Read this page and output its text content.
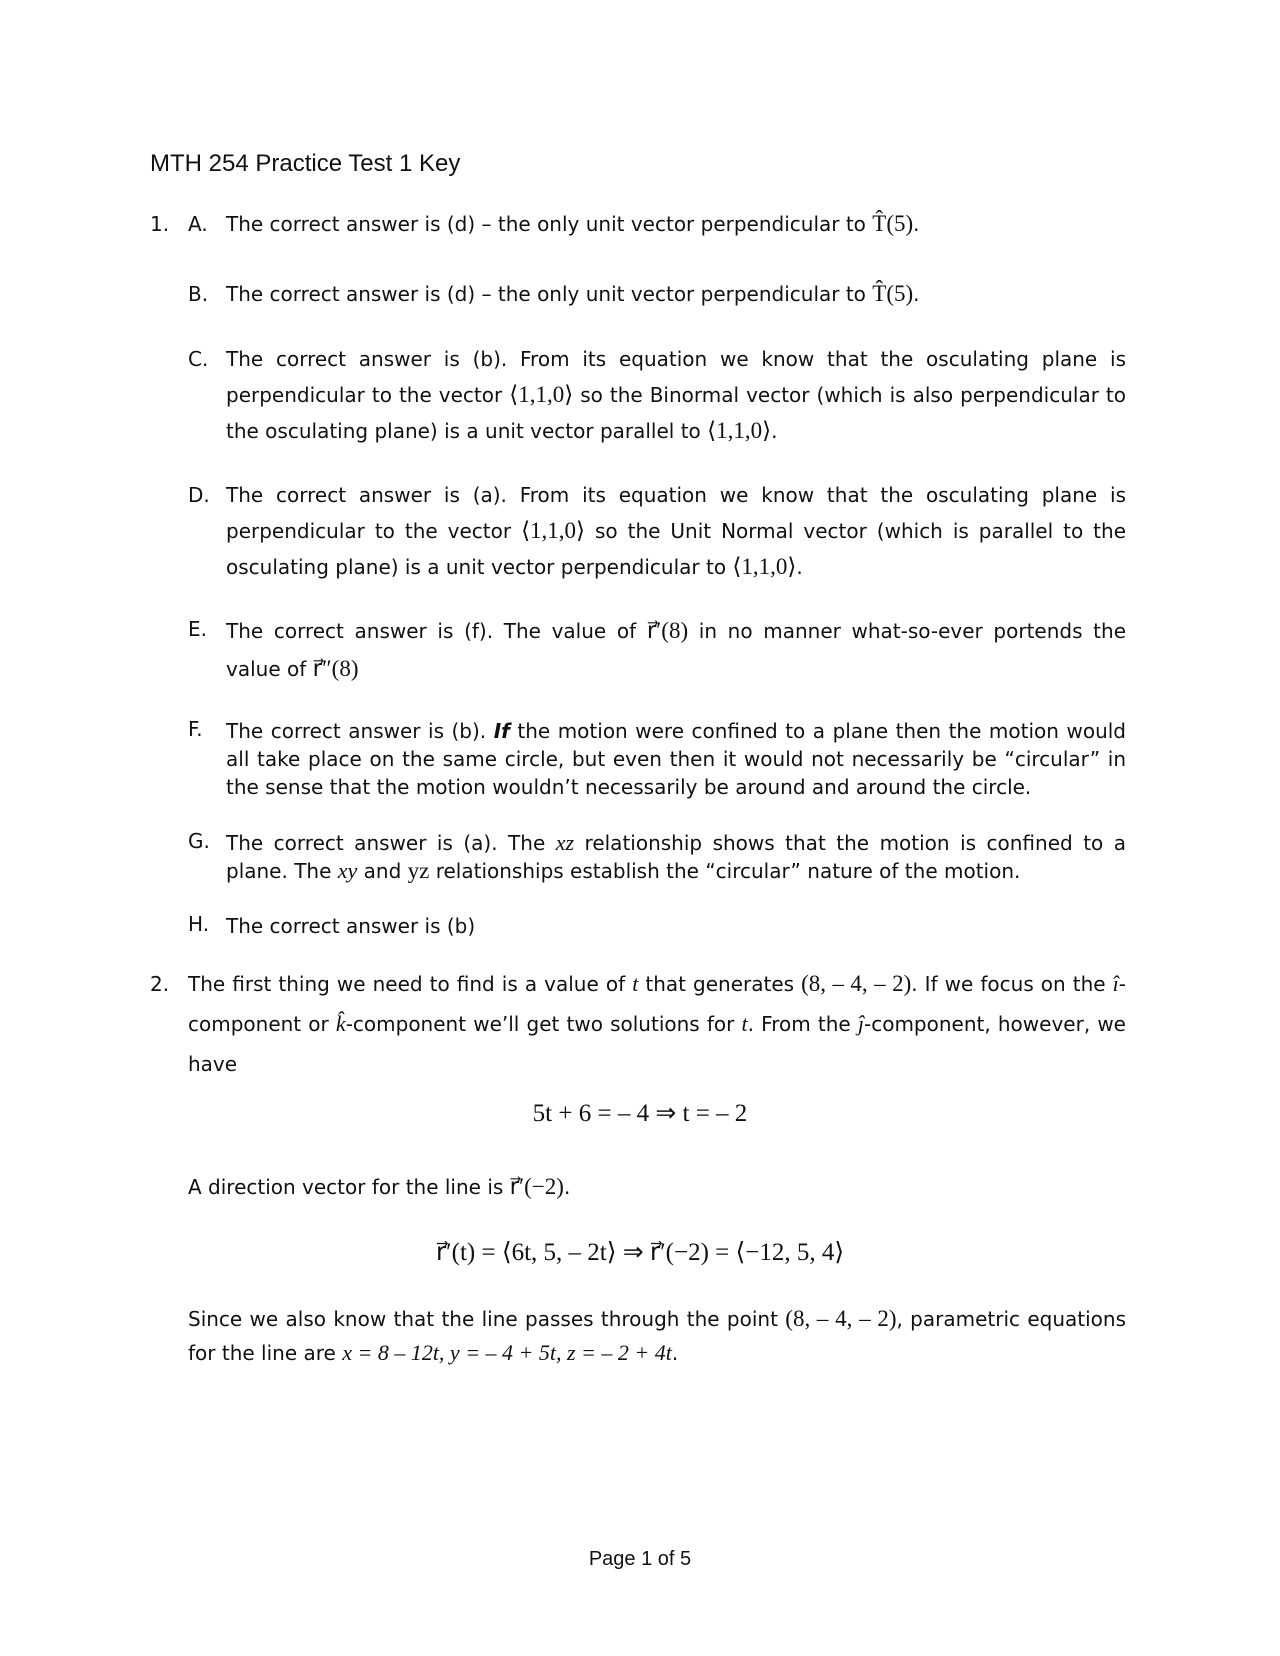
MTH 254 Practice Test 1 Key
1. A. The correct answer is (d) – the only unit vector perpendicular to T̂(5).
B. The correct answer is (d) – the only unit vector perpendicular to T̂(5).
C. The correct answer is (b). From its equation we know that the osculating plane is perpendicular to the vector ⟨1,1,0⟩ so the Binormal vector (which is also perpendicular to the osculating plane) is a unit vector parallel to ⟨1,1,0⟩.
D. The correct answer is (a). From its equation we know that the osculating plane is perpendicular to the vector ⟨1,1,0⟩ so the Unit Normal vector (which is parallel to the osculating plane) is a unit vector perpendicular to ⟨1,1,0⟩.
E. The correct answer is (f). The value of r⃗′(8) in no manner what-so-ever portends the value of r⃗″(8)
F. The correct answer is (b). If the motion were confined to a plane then the motion would all take place on the same circle, but even then it would not necessarily be “circular” in the sense that the motion wouldn’t necessarily be around and around the circle.
G. The correct answer is (a). The xz relationship shows that the motion is confined to a plane. The xy and yz relationships establish the “circular” nature of the motion.
H. The correct answer is (b)
2. The first thing we need to find is a value of t that generates (8, – 4, – 2). If we focus on the î-component or k̂-component we’ll get two solutions for t. From the ĵ-component, however, we have
5t + 6 = – 4 ⇒ t = – 2
A direction vector for the line is r⃗′(−2).
r⃗′(t) = ⟨6t, 5, – 2t⟩ ⇒ r⃗′(−2) = ⟨−12, 5, 4⟩
Since we also know that the line passes through the point (8, – 4, – 2), parametric equations for the line are x = 8 – 12t, y = – 4 + 5t, z = – 2 + 4t.
Page 1 of 5
